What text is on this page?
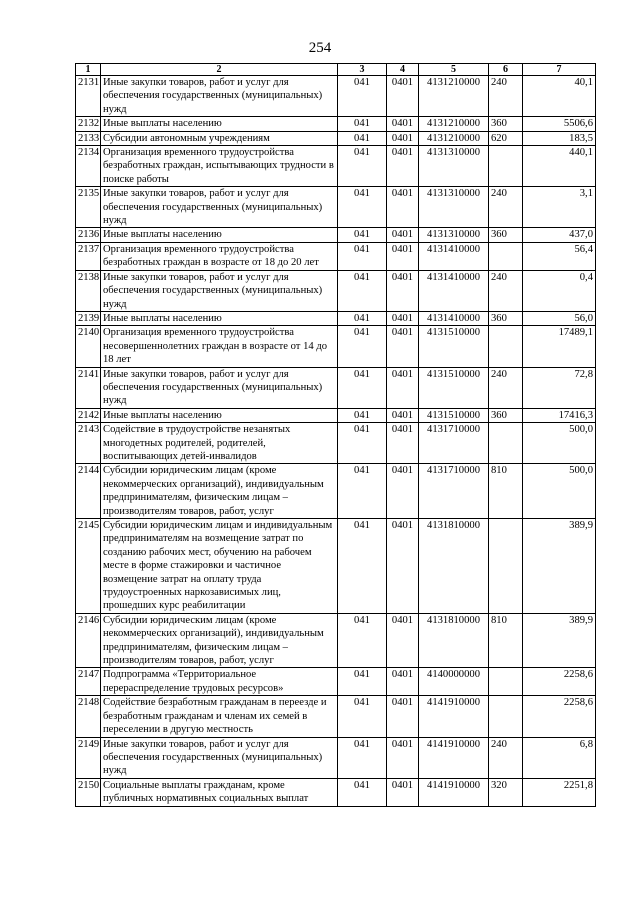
254
1	2	3	4	5	6	7
2131	Иные закупки товаров, работ и услуг для обеспечения государственных (муниципальных) нужд	041	0401	4131210000	240	40,1
2132	Иные выплаты населению	041	0401	4131210000	360	5506,6
2133	Субсидии автономным учреждениям	041	0401	4131210000	620	183,5
2134	Организация временного трудоустройства безработных граждан, испытывающих трудности в поиске работы	041	0401	4131310000		440,1
2135	Иные закупки товаров, работ и услуг для обеспечения государственных (муниципальных) нужд	041	0401	4131310000	240	3,1
2136	Иные выплаты населению	041	0401	4131310000	360	437,0
2137	Организация временного трудоустройства безработных граждан в возрасте от 18 до 20 лет	041	0401	4131410000		56,4
2138	Иные закупки товаров, работ и услуг для обеспечения государственных (муниципальных) нужд	041	0401	4131410000	240	0,4
2139	Иные выплаты населению	041	0401	4131410000	360	56,0
2140	Организация временного трудоустройства несовершеннолетних граждан в возрасте от 14 до 18 лет	041	0401	4131510000		17489,1
2141	Иные закупки товаров, работ и услуг для обеспечения государственных (муниципальных) нужд	041	0401	4131510000	240	72,8
2142	Иные выплаты населению	041	0401	4131510000	360	17416,3
2143	Содействие в трудоустройстве незанятых многодетных родителей, родителей, воспитывающих детей-инвалидов	041	0401	4131710000		500,0
2144	Субсидии юридическим лицам (кроме некоммерческих организаций), индивидуальным предпринимателям, физическим лицам – производителям товаров, работ, услуг	041	0401	4131710000	810	500,0
2145	Субсидии юридическим лицам и индивидуальным предпринимателям на возмещение затрат по созданию рабочих мест, обучению на рабочем месте в форме стажировки и частичное возмещение затрат на оплату труда трудоустроенных наркозависимых лиц, прошедших курс реабилитации	041	0401	4131810000		389,9
2146	Субсидии юридическим лицам (кроме некоммерческих организаций), индивидуальным предпринимателям, физическим лицам – производителям товаров, работ, услуг	041	0401	4131810000	810	389,9
2147	Подпрограмма «Территориальное перераспределение трудовых ресурсов»	041	0401	4140000000		2258,6
2148	Содействие безработным гражданам в переезде и безработным гражданам и членам их семей в переселении в другую местность	041	0401	4141910000		2258,6
2149	Иные закупки товаров, работ и услуг для обеспечения государственных (муниципальных) нужд	041	0401	4141910000	240	6,8
2150	Социальные выплаты гражданам, кроме публичных нормативных социальных выплат	041	0401	4141910000	320	2251,8
